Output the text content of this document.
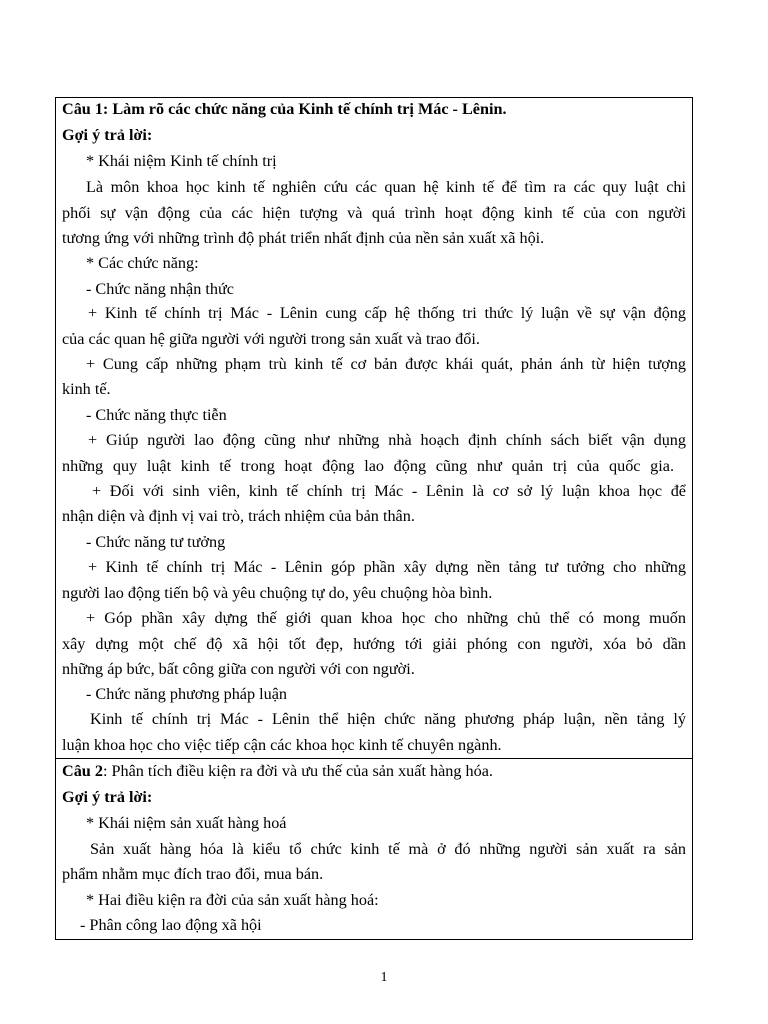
Câu 1: Làm rõ các chức năng của Kinh tế chính trị Mác - Lênin.
Gợi ý trả lời:
* Khái niệm Kinh tế chính trị
Là môn khoa học kinh tế nghiên cứu các quan hệ kinh tế để tìm ra các quy luật chi
phối sự vận động của các hiện tượng và quá trình hoạt động kinh tế của con người
tương ứng với những trình độ phát triển nhất định của nền sản xuất xã hội.
* Các chức năng:
- Chức năng nhận thức
+ Kinh tế chính trị Mác - Lênin cung cấp hệ thống tri thức lý luận về sự vận động
của các quan hệ giữa người với người trong sản xuất và trao đổi.
+ Cung cấp những phạm trù kinh tế cơ bản được khái quát, phản ánh từ hiện tượng
kinh tế.
- Chức năng thực tiễn
+ Giúp người lao động cũng như những nhà hoạch định chính sách biết vận dụng
những quy luật kinh tế trong hoạt động lao động cũng như quản trị của quốc gia.
+ Đối với sinh viên, kinh tế chính trị Mác - Lênin là cơ sở lý luận khoa học để
nhận diện và định vị vai trò, trách nhiệm của bản thân.
- Chức năng tư tưởng
+ Kinh tế chính trị Mác - Lênin góp phần xây dựng nền tảng tư tưởng cho những
người lao động tiến bộ và yêu chuộng tự do, yêu chuộng hòa bình.
+ Góp phần xây dựng thế giới quan khoa học cho những chủ thể có mong muốn
xây dựng một chế độ xã hội tốt đẹp, hướng tới giải phóng con người, xóa bỏ dần
những áp bức, bất công giữa con người với con người.
- Chức năng phương pháp luận
Kinh tế chính trị Mác - Lênin thể hiện chức năng phương pháp luận, nền tảng lý
luận khoa học cho việc tiếp cận các khoa học kinh tế chuyên ngành.
Câu 2: Phân tích điều kiện ra đời và ưu thế của sản xuất hàng hóa.
Gợi ý trả lời:
* Khái niệm sản xuất hàng hoá
Sản xuất hàng hóa là kiểu tổ chức kinh tế mà ở đó những người sản xuất ra sản
phẩm nhằm mục đích trao đổi, mua bán.
* Hai điều kiện ra đời của sản xuất hàng hoá:
- Phân công lao động xã hội
1
